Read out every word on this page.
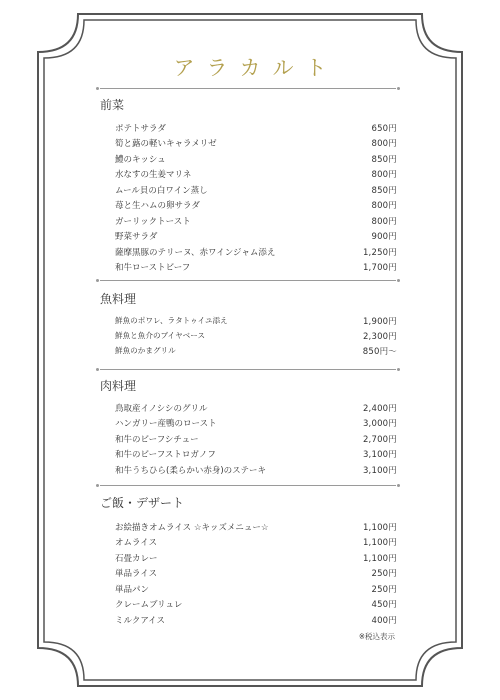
アラカルト
前菜
ポテトサラダ	650円
筍と蕗の軽いキャラメリゼ	800円
鱧のキッシュ	850円
水なすの生姜マリネ	800円
ムール貝の白ワイン蒸し	850円
苺と生ハムの卵サラダ	800円
ガーリックトースト	800円
野菜サラダ	900円
薩摩黒豚のテリーヌ、赤ワインジャム添え	1,250円
和牛ローストビーフ	1,700円
魚料理
鮮魚のポワレ、ラタトゥイユ添え	1,900円
鮮魚と魚介のブイヤベース	2,300円
鮮魚のかまグリル	850円〜
肉料理
鳥取産イノシシのグリル	2,400円
ハンガリー産鴨のロースト	3,000円
和牛のビーフシチュー	2,700円
和牛のビーフストロガノフ	3,100円
和牛うちひら(柔らかい赤身)のステーキ	3,100円
ご飯・デザート
お絵描きオムライス ☆キッズメニュー☆	1,100円
オムライス	1,100円
石畳カレー	1,100円
単品ライス	250円
単品パン	250円
クレームブリュレ	450円
ミルクアイス	400円
※税込表示
